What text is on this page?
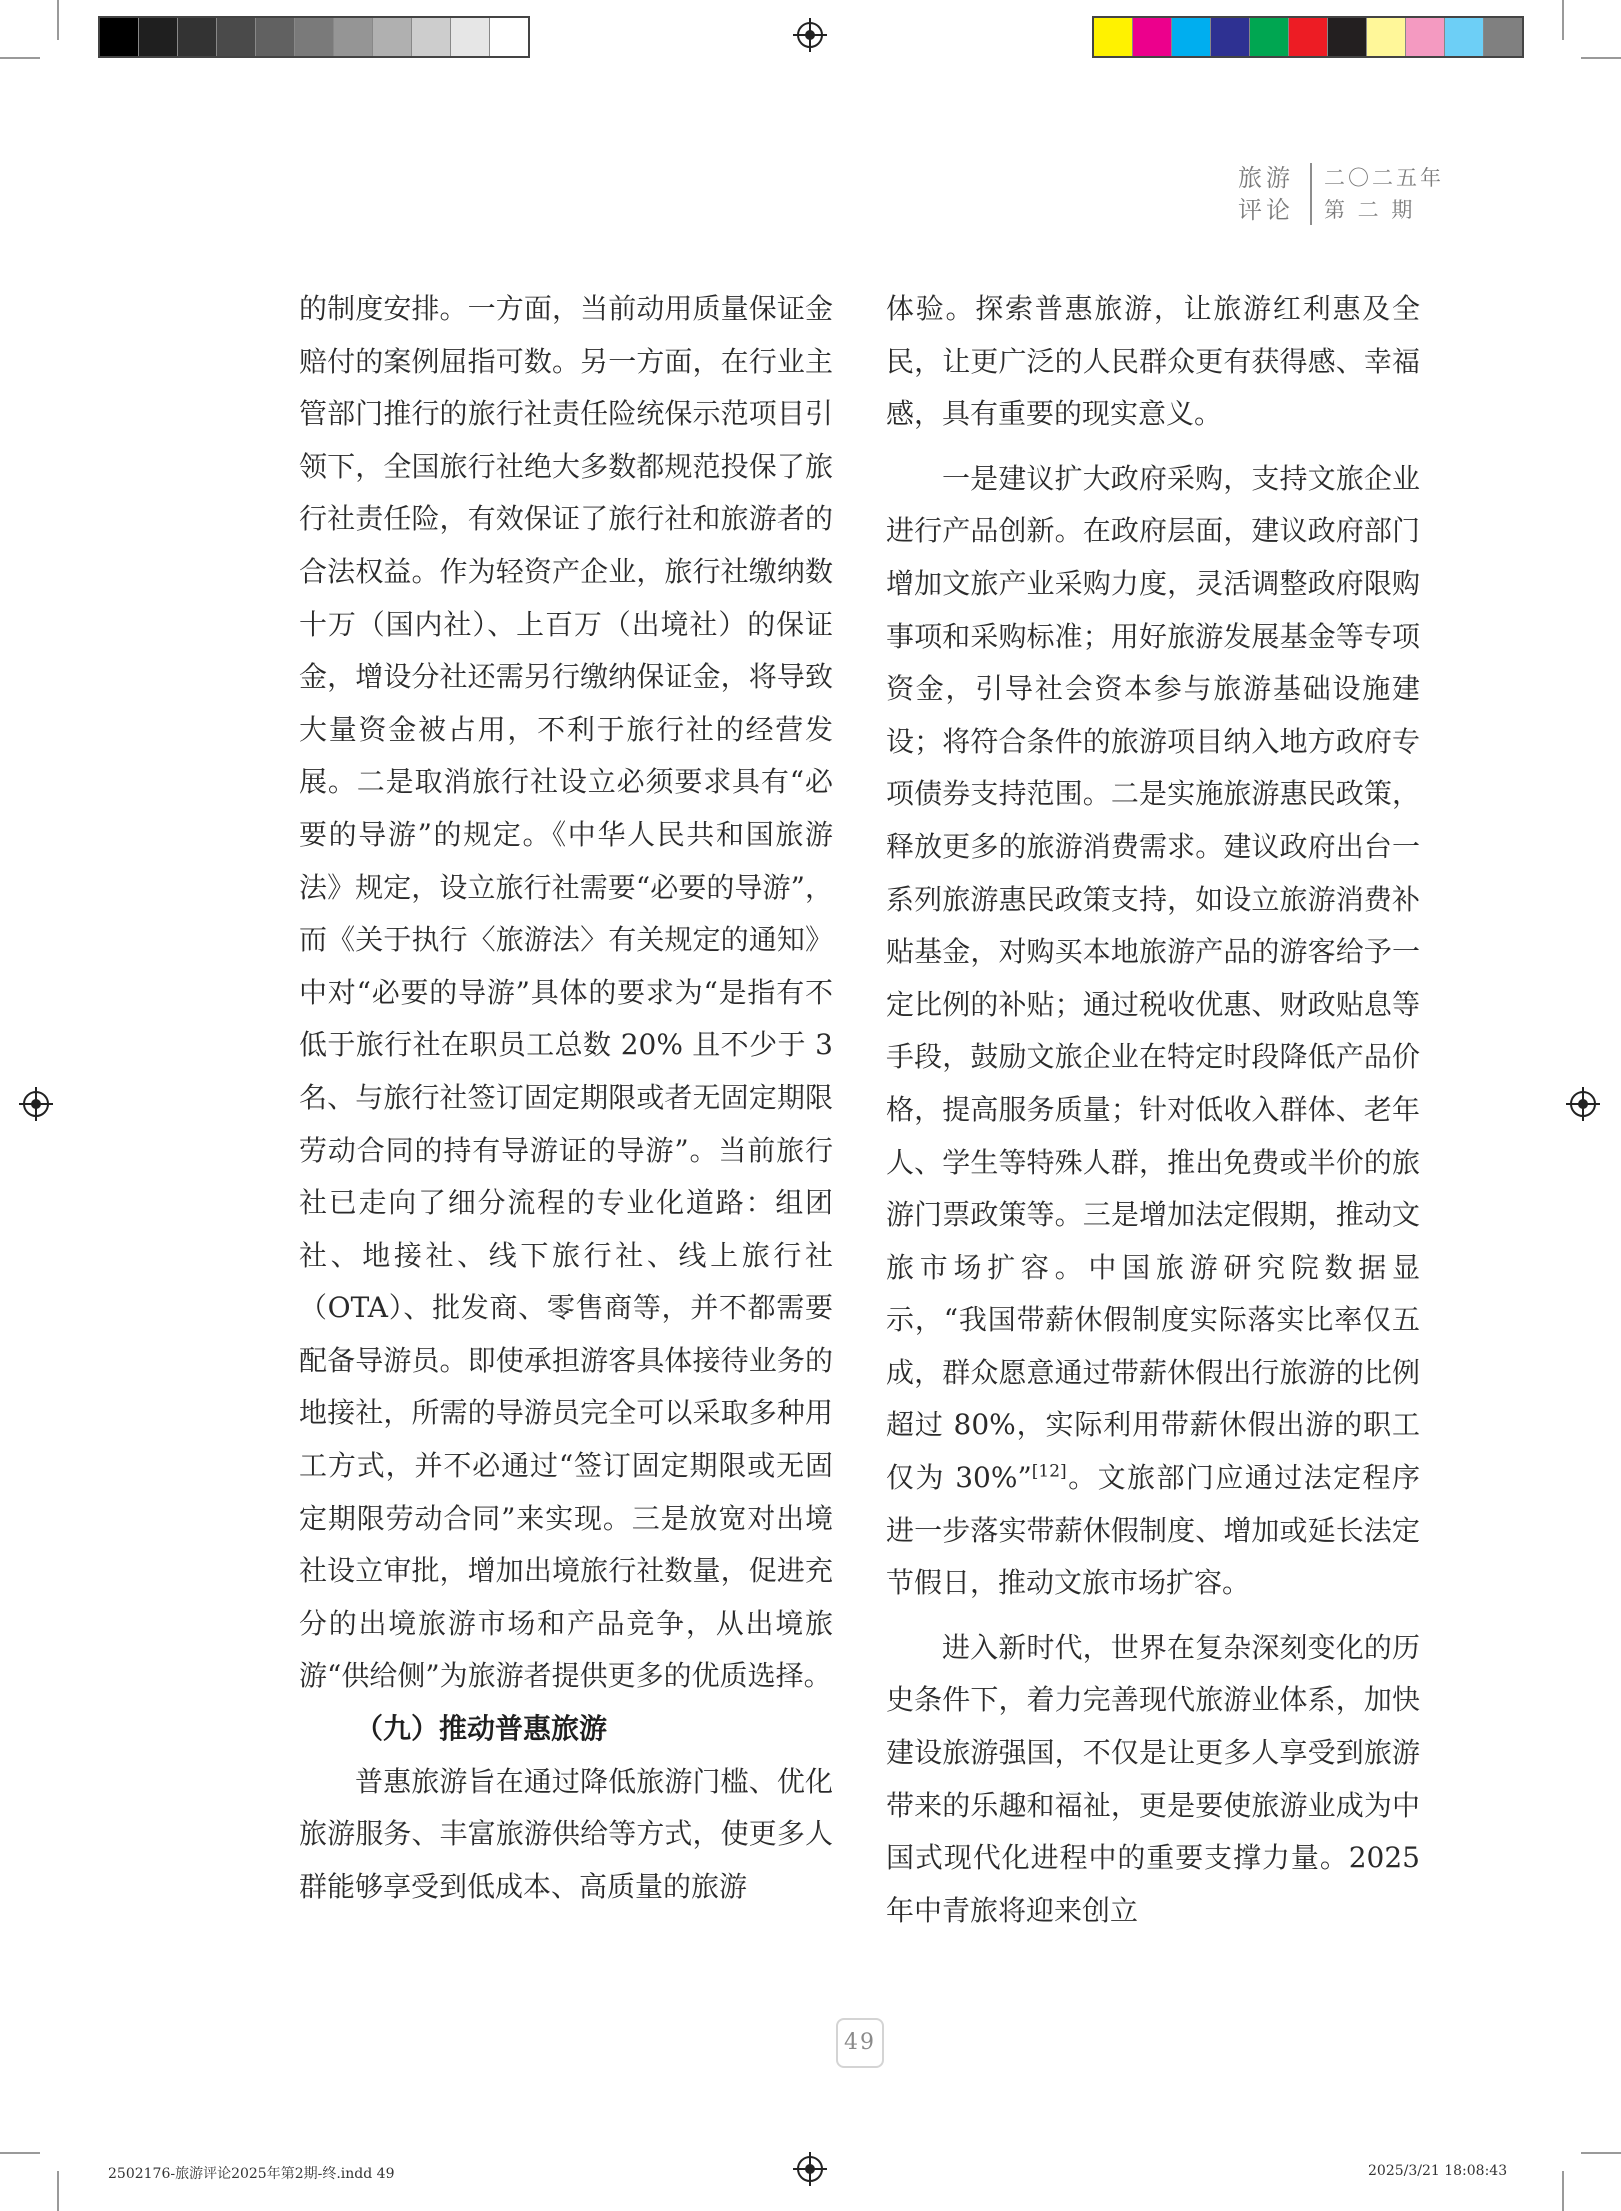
旅游
评论
二〇二五年
第 二 期

的制度安排。一方面，当前动用质量保证金赔付的案例屈指可数。另一方面，在行业主管部门推行的旅行社责任险统保示范项目引领下，全国旅行社绝大多数都规范投保了旅行社责任险，有效保证了旅行社和旅游者的合法权益。作为轻资产企业，旅行社缴纳数十万（国内社）、上百万（出境社）的保证金，增设分社还需另行缴纳保证金，将导致大量资金被占用，不利于旅行社的经营发展。二是取消旅行社设立必须要求具有“必要的导游”的规定。《中华人民共和国旅游法》规定，设立旅行社需要“必要的导游”，而《关于执行〈旅游法〉有关规定的通知》中对“必要的导游”具体的要求为“是指有不低于旅行社在职员工总数 20% 且不少于 3 名、与旅行社签订固定期限或者无固定期限劳动合同的持有导游证的导游”。当前旅行社已走向了细分流程的专业化道路：组团社、地接社、线下旅行社、线上旅行社（OTA）、批发商、零售商等，并不都需要配备导游员。即使承担游客具体接待业务的地接社，所需的导游员完全可以采取多种用工方式，并不必通过“签订固定期限或无固定期限劳动合同”来实现。三是放宽对出境社设立审批，增加出境旅行社数量，促进充分的出境旅游市场和产品竞争，从出境旅游“供给侧”为旅游者提供更多的优质选择。

（九）推动普惠旅游

普惠旅游旨在通过降低旅游门槛、优化旅游服务、丰富旅游供给等方式，使更多人群能够享受到低成本、高质量的旅游

体验。探索普惠旅游，让旅游红利惠及全民，让更广泛的人民群众更有获得感、幸福感，具有重要的现实意义。

一是建议扩大政府采购，支持文旅企业进行产品创新。在政府层面，建议政府部门增加文旅产业采购力度，灵活调整政府限购事项和采购标准；用好旅游发展基金等专项资金，引导社会资本参与旅游基础设施建设；将符合条件的旅游项目纳入地方政府专项债券支持范围。二是实施旅游惠民政策，释放更多的旅游消费需求。建议政府出台一系列旅游惠民政策支持，如设立旅游消费补贴基金，对购买本地旅游产品的游客给予一定比例的补贴；通过税收优惠、财政贴息等手段，鼓励文旅企业在特定时段降低产品价格，提高服务质量；针对低收入群体、老年人、学生等特殊人群，推出免费或半价的旅游门票政策等。三是增加法定假期，推动文旅市场扩容。中国旅游研究院数据显示，“我国带薪休假制度实际落实比率仅五成，群众愿意通过带薪休假出行旅游的比例超过 80%，实际利用带薪休假出游的职工仅为 30%”[12]。文旅部门应通过法定程序进一步落实带薪休假制度、增加或延长法定节假日，推动文旅市场扩容。

进入新时代，世界在复杂深刻变化的历史条件下，着力完善现代旅游业体系，加快建设旅游强国，不仅是让更多人享受到旅游带来的乐趣和福祉，更是要使旅游业成为中国式现代化进程中的重要支撑力量。2025 年中青旅将迎来创立

49
2502176-旅游评论2025年第2期-终.indd 49	2025/3/21 18:08:43
